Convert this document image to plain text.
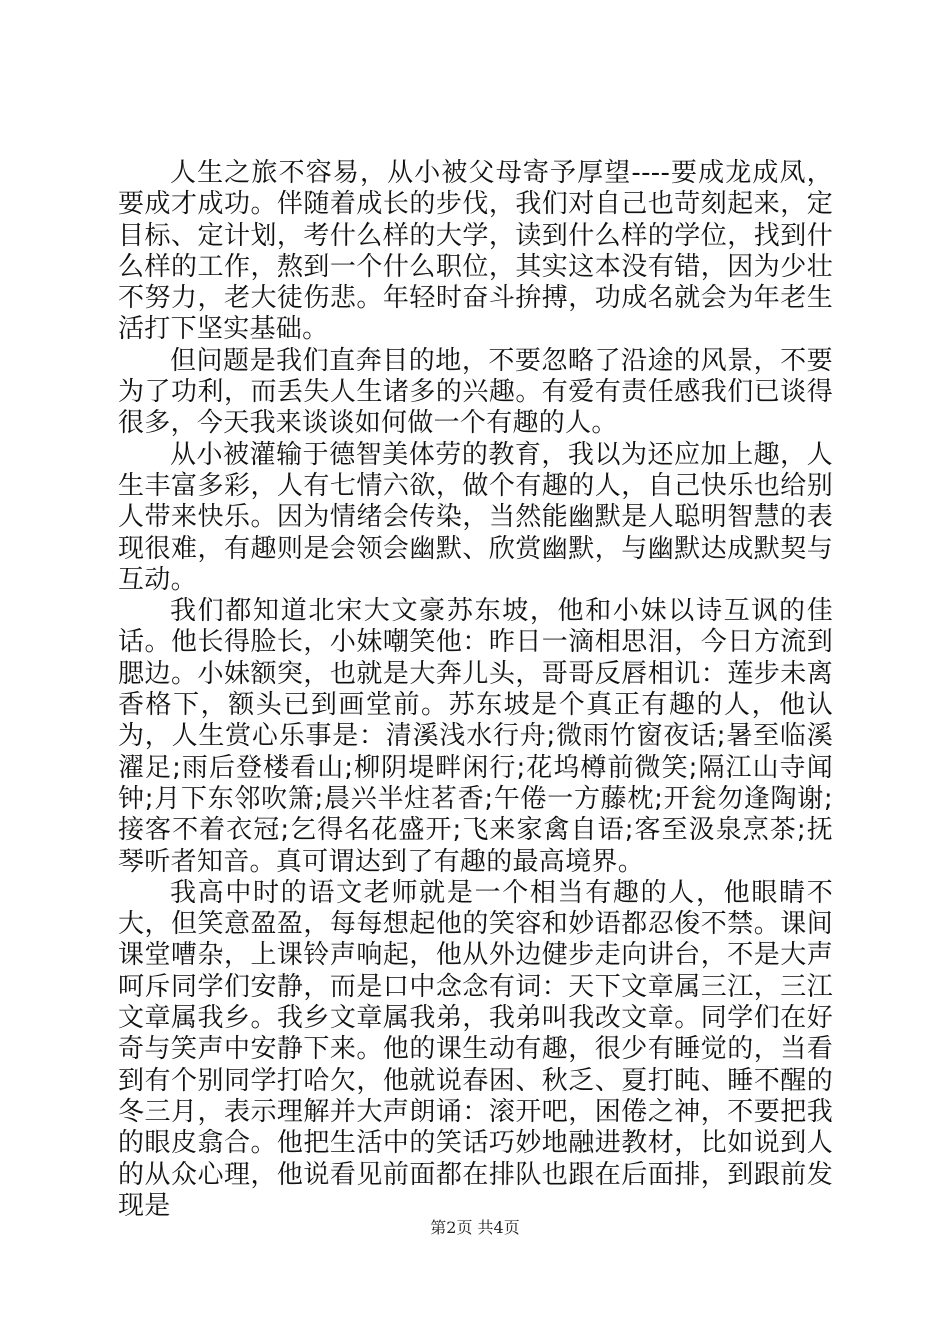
人生之旅不容易，从小被父母寄予厚望----要成龙成凤，要成才成功。伴随着成长的步伐，我们对自己也苛刻起来，定目标、定计划，考什么样的大学，读到什么样的学位，找到什么样的工作，熬到一个什么职位，其实这本没有错，因为少壮不努力，老大徒伤悲。年轻时奋斗拚搏，功成名就会为年老生活打下坚实基础。

但问题是我们直奔目的地，不要忽略了沿途的风景，不要为了功利，而丢失人生诸多的兴趣。有爱有责任感我们已谈得很多，今天我来谈谈如何做一个有趣的人。

从小被灌输于德智美体劳的教育，我以为还应加上趣，人生丰富多彩，人有七情六欲，做个有趣的人，自己快乐也给别人带来快乐。因为情绪会传染，当然能幽默是人聪明智慧的表现很难，有趣则是会领会幽默、欣赏幽默，与幽默达成默契与互动。

我们都知道北宋大文豪苏东坡，他和小妹以诗互讽的佳话。他长得脸长，小妹嘲笑他：昨日一滴相思泪，今日方流到腮边。小妹额突，也就是大奔儿头，哥哥反唇相讥：莲步未离香格下，额头已到画堂前。苏东坡是个真正有趣的人，他认为，人生赏心乐事是：清溪浅水行舟;微雨竹窗夜话;暑至临溪濯足;雨后登楼看山;柳阴堤畔闲行;花坞樽前微笑;隔江山寺闻钟;月下东邻吹箫;晨兴半炷茗香;午倦一方藤枕;开瓮勿逢陶谢;接客不着衣冠;乞得名花盛开;飞来家禽自语;客至汲泉烹茶;抚琴听者知音。真可谓达到了有趣的最高境界。

我高中时的语文老师就是一个相当有趣的人，他眼睛不大，但笑意盈盈，每每想起他的笑容和妙语都忍俊不禁。课间课堂嘈杂，上课铃声响起，他从外边健步走向讲台，不是大声呵斥同学们安静，而是口中念念有词：天下文章属三江，三江文章属我乡。我乡文章属我弟，我弟叫我改文章。同学们在好奇与笑声中安静下来。他的课生动有趣，很少有睡觉的，当看到有个别同学打哈欠，他就说春困、秋乏、夏打盹、睡不醒的冬三月，表示理解并大声朗诵：滚开吧，困倦之神，不要把我的眼皮翕合。他把生活中的笑话巧妙地融进教材，比如说到人的从众心理，他说看见前面都在排队也跟在后面排，到跟前发现是

第2页 共4页
